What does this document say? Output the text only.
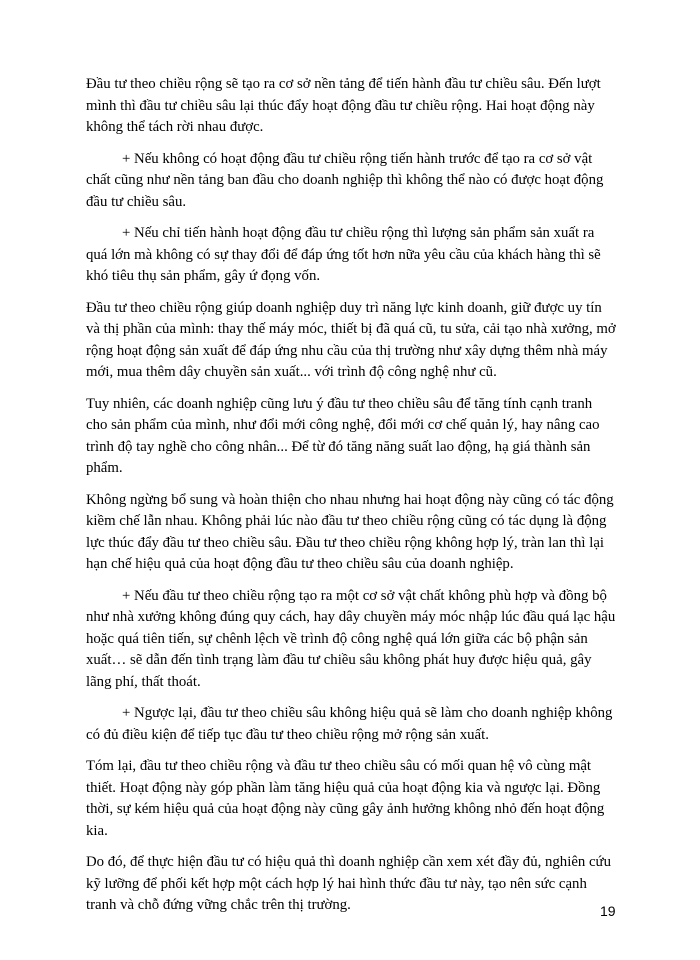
Đầu tư theo chiều rộng sẽ tạo ra cơ sở nền tảng để tiến hành đầu tư chiều sâu. Đến lượt mình thì đầu tư chiều sâu lại thúc đẩy hoạt động đầu tư chiều rộng. Hai hoạt động này không thể tách rời nhau được.

+ Nếu không có hoạt động đầu tư chiều rộng tiến hành trước để tạo ra cơ sở vật chất cũng như nền tảng ban đầu cho doanh nghiệp thì không thể nào có được hoạt động đầu tư chiều sâu.

+ Nếu chỉ tiến hành hoạt động đầu tư chiều rộng thì lượng sản phẩm sản xuất ra quá lớn mà không có sự thay đổi để đáp ứng tốt hơn nữa yêu cầu của khách hàng thì sẽ khó tiêu thụ sản phẩm, gây ứ đọng vốn.

Đầu tư theo chiều rộng giúp doanh nghiệp duy trì năng lực kinh doanh, giữ được uy tín và thị phần của mình: thay thế máy móc, thiết bị đã quá cũ, tu sửa, cải tạo nhà xưởng, mở rộng hoạt động sản xuất để đáp ứng nhu cầu của thị trường như xây dựng thêm nhà máy mới, mua thêm dây chuyền sản xuất... với trình độ công nghệ như cũ.

Tuy nhiên, các doanh nghiệp cũng lưu ý đầu tư theo chiều sâu để tăng tính cạnh tranh cho sản phẩm của mình, như đổi mới công nghệ, đổi mới cơ chế quản lý, hay nâng cao trình độ tay nghề cho công nhân... Để từ đó tăng năng suất lao động, hạ giá thành sản phẩm.

Không ngừng bổ sung và hoàn thiện cho nhau nhưng hai hoạt động này cũng có tác động kiềm chế lẫn nhau. Không phải lúc nào đầu tư theo chiều rộng cũng có tác dụng là động lực thúc đẩy đầu tư theo chiều sâu. Đầu tư theo chiều rộng không hợp lý, tràn lan thì lại hạn chế hiệu quả của hoạt động đầu tư theo chiều sâu của doanh nghiệp.

+ Nếu đầu tư theo chiều rộng tạo ra một cơ sở vật chất không phù hợp và đồng bộ như nhà xưởng không đúng quy cách, hay dây chuyền máy móc nhập lúc đầu quá lạc hậu hoặc quá tiên tiến, sự chênh lệch về trình độ công nghệ quá lớn giữa các bộ phận sản xuất… sẽ dẫn đến tình trạng làm đầu tư chiều sâu không phát huy được hiệu quả, gây lãng phí, thất thoát.

+ Ngược lại, đầu tư theo chiều sâu không hiệu quả sẽ làm cho doanh nghiệp không có đủ điều kiện để tiếp tục đầu tư theo chiều rộng mở rộng sản xuất.

Tóm lại, đầu tư theo chiều rộng và đầu tư theo chiều sâu có mối quan hệ vô cùng mật thiết. Hoạt động này góp phần làm tăng hiệu quả của hoạt động kia và ngược lại. Đồng thời, sự kém hiệu quả của hoạt động này cũng gây ảnh hưởng không nhỏ đến hoạt động kia.

Do đó, để thực hiện đầu tư có hiệu quả thì doanh nghiệp cần xem xét đầy đủ, nghiên cứu kỹ lưỡng để phối kết hợp một cách hợp lý hai hình thức đầu tư này, tạo nên sức cạnh tranh và chỗ đứng vững chắc trên thị trường.	19
